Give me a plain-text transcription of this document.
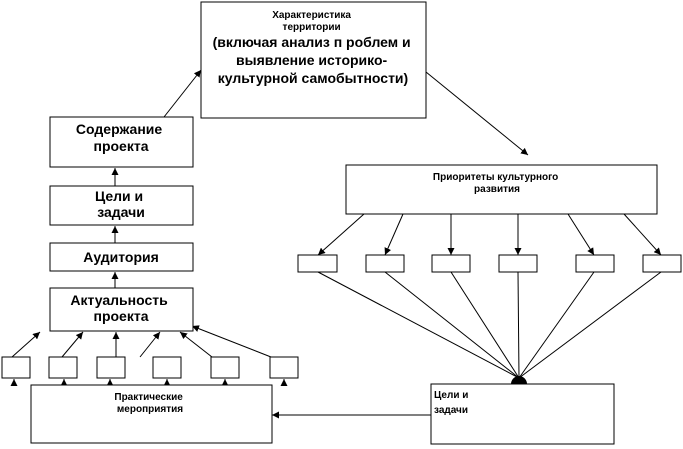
Характеристика территории (включая анализ п роблем и выявление историко- культурной самобытности)
Содержание проекта
Цели и задачи
Аудитория
Актуальность проекта
Практические мероприятия
Приоритеты культурного развития
Цели и задачи
